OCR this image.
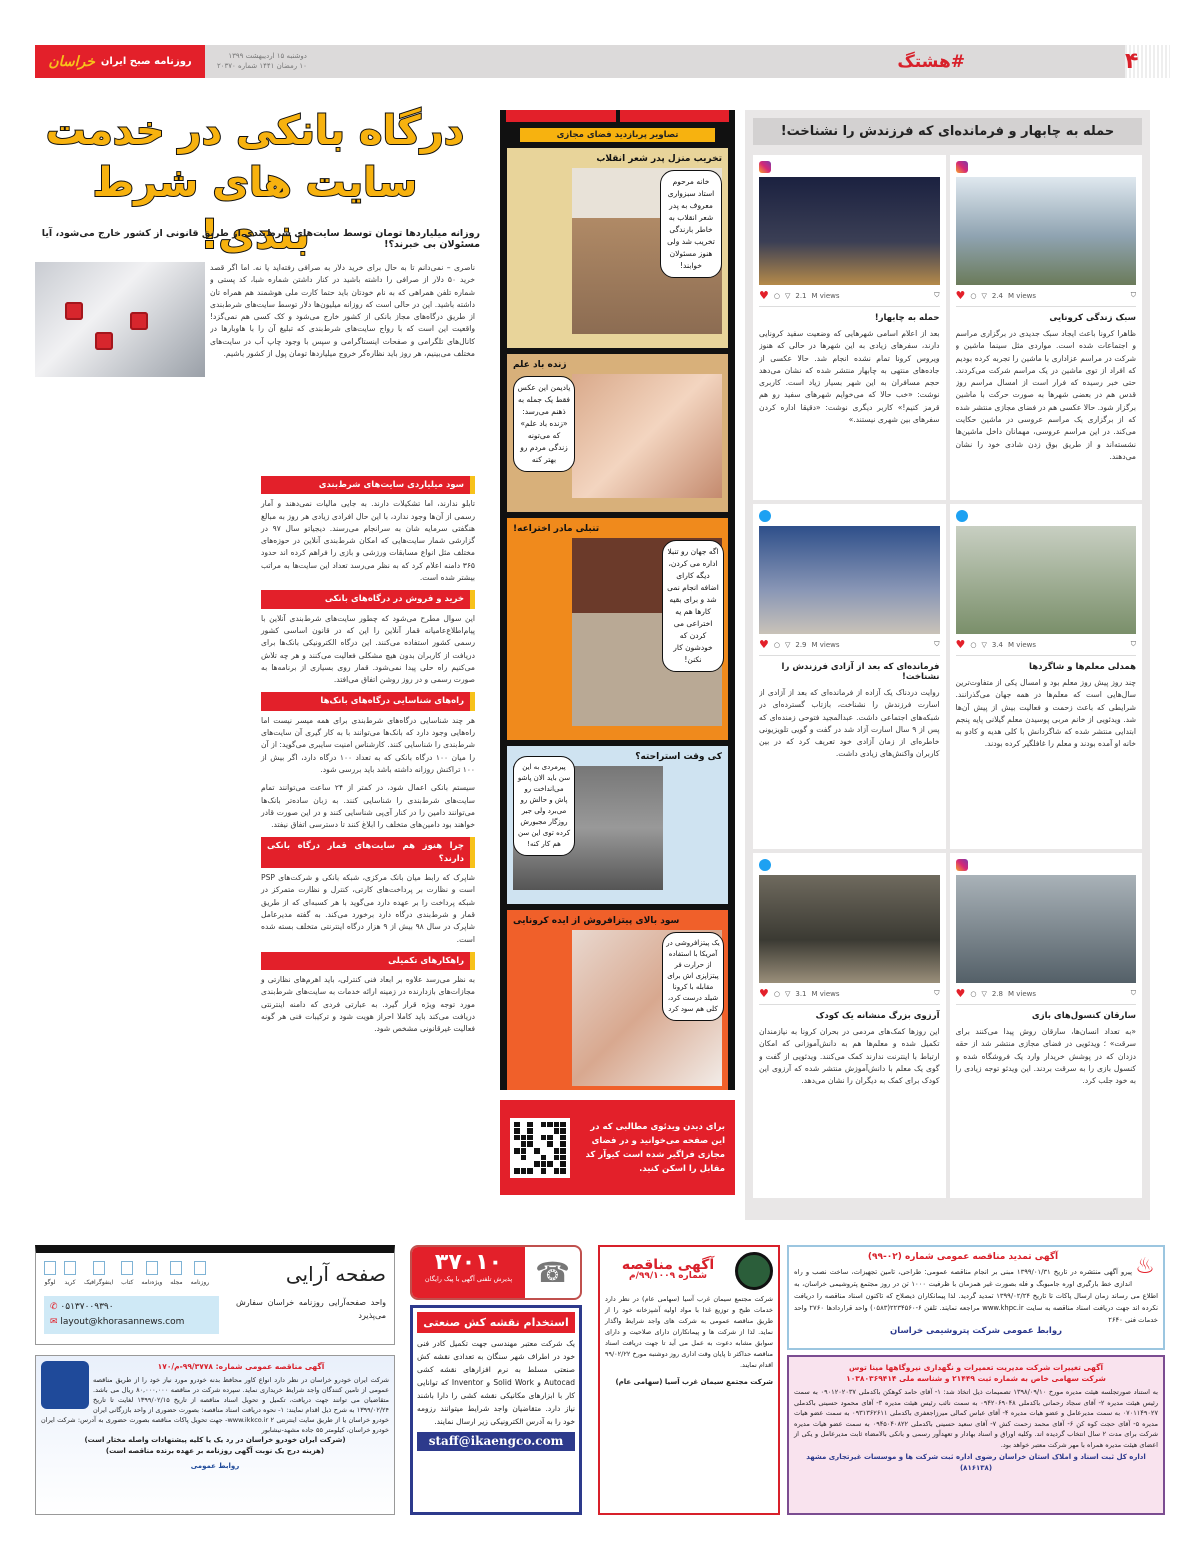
روزنامه صبح ایران
خراسان	#هشتگ
دوشنبه ۱۵ اردیبهشت ۱۳۹۹
۱۰ رمضان ۱۴۴۱ شماره ۲۰۳۷۰	۴
درگاه بانکی در خدمت
سایت های شرط بندی!
روزانه میلیاردها تومان توسط سایت‌های شرط‌بندی از طریق قانونی از کشور خارج می‌شود، آیا مسئولان بی خبرند؟!
ناصری – نمی‌دانم تا به حال برای خرید دلار به صرافی رفته‌اید یا نه. اما اگر قصد خرید ۵۰ دلار از صرافی را داشته باشید در کنار داشتن شماره شبا، کد پستی و شماره تلفن همراهی که به نام خودتان باید حتما کارت ملی هوشمند هم همراه تان داشته باشید. این در حالی است که روزانه میلیون‌ها دلار توسط سایت‌های شرط‌بندی از طریق درگاه‌های مجاز بانکی از کشور خارج می‌شود و کک کسی هم نمی‌گزد! واقعیت این است که با رواج سایت‌های شرط‌بندی که تبلیغ آن را با هاوبارها در کانال‌های تلگرامی و صفحات اینستاگرامی و سپس با وجود چاپ آب در سایت‌های مختلف می‌بینیم، هر روز باید نظاره‌گر خروج میلیاردها تومان پول از کشور باشیم.
سود میلیاردی سایت‌های شرط‌بندی

تابلو ندارند، اما تشکیلات دارند. به جایی مالیات نمی‌دهند و آمار رسمی از آن‌ها وجود ندارد، با این حال افرادی زیادی هر روز به مبالغ هنگفتی سرمایه شان به سرانجام می‌رسند. دیجیاتو سال ۹۷ در گزارشی شمار سایت‌هایی که امکان شرط‌بندی آنلاین در حوزه‌های مختلف مثل انواع مسابقات ورزشی و بازی را فراهم کرده اند حدود ۳۶۵ دامنه اعلام کرد که به نظر می‌رسد تعداد این سایت‌ها به مراتب بیشتر شده است.

خرید و فروش در درگاه‌های بانکی

این سوال مطرح می‌شود که چطور سایت‌های شرط‌بندی آنلاین با پیام‌اطلاع‌عامیانه قمار آنلاین را این که در قانون اساسی کشور رسمی کشور استفاده می‌کنند. این درگاه الکترونیکی بانک‌ها برای دریافت از کاربران بدون هیچ مشکلی فعالیت می‌کنند و هر چه تلاش می‌کنیم راه حلی پیدا نمی‌شود. قمار روی بسیاری از برنامه‌ها به صورت رسمی و در روز روشن اتفاق می‌افتد.

راه‌های شناسایی درگاه‌های بانک‌ها

هر چند شناسایی درگاه‌های شرط‌بندی برای همه میسر نیست اما راه‌هایی وجود دارد که بانک‌ها می‌توانند با به کار گیری آن سایت‌های شرط‌بندی را شناسایی کنند. کارشناس امنیت سایبری می‌گوید: از آن را میان ۱۰۰ درگاه بانکی که به تعداد ۱۰۰ درگاه دارد، اگر بیش از ۱۰۰ تراکنش روزانه داشته باشد باید بررسی شود.

سیستم بانکی اعمال شود، در کمتر از ۲۴ ساعت می‌توانند تمام سایت‌های شرط‌بندی را شناسایی کنند. به زبان ساده‌تر بانک‌ها می‌توانند دامین را در کنار آی‌پی شناسایی کنند و در این صورت قادر خواهند بود دامین‌های متخلف را ابلاغ کنند تا دسترسی اتفاق نیفتد.

چرا هنوز هم سایت‌های قمار درگاه بانکی دارند؟

شاپرک که رابط میان بانک مرکزی، شبکه بانکی و شرکت‌های PSP است و نظارت بر پرداخت‌های کارتی، کنترل و نظارت متمرکز در شبکه پرداخت را بر عهده دارد می‌گوید با هر کسبه‌ای که از طریق قمار و شرط‌بندی درگاه دارد برخورد می‌کند. به گفته مدیرعامل شاپرک در سال ۹۸ بیش از ۹ هزار درگاه اینترنتی متخلف بسته شده است.

راهکارهای تکمیلی

به نظر می‌رسد علاوه بر ابعاد فنی کنترلی، باید اهرم‌های نظارتی و مجازات‌های بازدارنده در زمینه ارائه خدمات به سایت‌های شرط‌بندی مورد توجه ویژه قرار گیرد. به عبارتی فردی که دامنه اینترنتی دریافت می‌کند باید کاملا احراز هویت شود و ترکیبات فنی هر گونه فعالیت غیرقانونی مشخص شود.

تصاویر پربازدید فضای مجازی
تخریب منزل پدر شعر انقلاب
خانه مرحوم استاد سبزواری معروف به پدر شعر انقلاب به خاطر بارندگی تخریب شد ولی هنوز مسئولان خوابند!
زنده باد علم
یادیمن این عکس فقط یک جمله به ذهنم می‌رسد: «زنده باد علم» که می‌تونه زندگی مردم رو بهتر کنه
تنبلی مادر اختراعه!
اگه جهان رو تنبلا اداره می کردن، دیگه کارای اضافه انجام نمی شد و برای بقیه کارها هم یه اختراعی می کردن که خودشون کار نکنن!
کی وقت استراحته؟
پیرمردی به این سن باید الان پاشو می‌انداخت رو پاش و حالش رو می‌برد ولی جبر روزگار مجبورش کرده توی این سن هم کار کنه!
سود بالای پیتزافروش از ایده کرونایی
یک پیتزافروشی در آمریکا با استفاده از حرارت فر پیتزاپزی اش برای مقابله با کرونا شیلد درست کرد، کلی هم سود کرد
برای دیدن ویدئوی مطالبی که در این صفحه می‌خوانید و در فضای مجازی فراگیر شده است کیوآر کد مقابل را اسکن کنید.
حمله به چابهار و فرمانده‌ای که فرزندش را نشناخت!
♥ ○ ▽ 2.4 M views	⛉
سبک زندگی کرونایی
ظاهرا کرونا باعث ایجاد سبک جدیدی در برگزاری مراسم و اجتماعات شده است. مواردی مثل سینما ماشین و شرکت در مراسم عزاداری با ماشین را تجربه کرده بودیم که افراد از توی ماشین در یک مراسم شرکت می‌کردند. حتی خبر رسیده که فرار است از امسال مراسم روز قدس هم در بعضی شهرها به صورت حرکت با ماشین برگزار شود. حالا عکسی هم در فضای مجازی منتشر شده که از برگزاری یک مراسم عروسی در ماشین حکایت می‌کند. در این مراسم عروسی، مهمانان داخل ماشین‌ها نشسته‌اند و از طریق بوق زدن شادی خود را نشان می‌دهند.
♥ ○ ▽ 2.1 M views	⛉
حمله به چابهار!
بعد از اعلام اسامی شهرهایی که وضعیت سفید کرونایی دارند، سفرهای زیادی به این شهرها در حالی که هنوز ویروس کرونا تمام نشده انجام شد. حالا عکسی از جاده‌های منتهی به چابهار منتشر شده که نشان می‌دهد حجم مسافران به این شهر بسیار زیاد است. کاربری نوشت: «خب حالا که می‌خوایم شهرهای سفید رو هم قرمز کنیم!» کاربر دیگری نوشت: «دقیقا اداره کردن سفرهای بین شهری نیستند.»
♥ ○ ▽ 3.4 M views	⛉
همدلی معلم‌ها و شاگردها
چند روز پیش روز معلم بود و امسال یکی از متفاوت‌ترین سال‌هایی است که معلم‌ها در همه جهان می‌گذرانند. شرایطی که باعث زحمت و فعالیت بیش از پیش آن‌ها شد. ویدئویی از خانم مربی پوسیدن معلم گیلانی پایه پنجم ابتدایی منتشر شده که شاگردانش با کلی هدیه و کادو به خانه او آمده بودند و معلم را غافلگیر کرده بودند.
♥ ○ ▽ 2.9 M views	⛉
فرمانده‌ای که بعد از آزادی فرزندش را نشناخت!
روایت دردناک یک آزاده از فرمانده‌ای که بعد از آزادی از اسارت فرزندش را نشناخت، بازتاب گسترده‌ای در شبکه‌های اجتماعی داشت. عبدالمجید فتوحی زمنده‌ای که پس از ۹ سال اسارت آزاد شد در گفت و گویی تلویزیونی خاطره‌ای از زمان آزادی خود تعریف کرد که در بین کاربران واکنش‌های زیادی داشت.
♥ ○ ▽ 2.8 M views	⛉
سارقان کنسول‌های بازی
«به تعداد انسان‌ها، سارقان روش پیدا می‌کنند برای سرقت» ؛ ویدئویی در فضای مجازی منتشر شد از حقه دزدان که در پوشش خریدار وارد یک فروشگاه شده و کنسول بازی را به سرقت بردند. این ویدئو توجه زیادی را به خود جلب کرد.
♥ ○ ▽ 3.1 M views	⛉
آرزوی بزرگ منشانه یک کودک
این روزها کمک‌های مردمی در بحران کرونا به نیازمندان تکمیل شده و معلم‌ها هم به دانش‌آموزانی که امکان ارتباط با اینترنت ندارند کمک می‌کنند. ویدئویی از گفت و گوی یک معلم با دانش‌آموزش منتشر شده که آرزوی این کودک برای کمک به دیگران را نشان می‌دهد.
صفحه آرایی
روزنامه
مجله
ویژه‌نامه
کتاب
اینفوگرافیک
کرید
لوگو
واحد صفحه‌آرایی روزنامه خراسان سفارش می‌پذیرد
✆ ۰۵۱۳۷۰۰۹۳۹۰
✉ layout@khorasannews.com
آگهی مناقصه عمومی شماره: ۹۹/۳۷۷۸-م/۱۷۰
شرکت ایران خودرو خراسان در نظر دارد انواع کاور محافظ بدنه خودرو مورد نیاز خود را از طریق مناقصه عمومی از تامین کنندگان واجد شرایط خریداری نماید. سپرده شرکت در مناقصه ۸۰,۰۰۰,۰۰۰ ریال می باشد. متقاضیان می توانند جهت دریافت، تکمیل و تحویل اسناد مناقصه از تاریخ ۱۳۹۹/۰۲/۱۵ لغایت تا تاریخ ۱۳۹۹/۰۲/۲۴ به شرح ذیل اقدام نمایند: ۱- نحوه دریافت اسناد مناقصه: بصورت حضوری از واحد بازرگانی ایران خودرو خراسان یا از طریق سایت اینترنتی www.ikkco.ir ۲- جهت تحویل پاکات مناقصه بصورت حضوری به آدرس: شرکت ایران خودرو خراسان، کیلومتر ۵۵ جاده مشهد-نیشابور
(شرکت ایران خودرو خراسان در رد یک یا کلیه پیشنهادات واصله مختار است)
(هزینه درج یک نوبت آگهی روزنامه بر عهده برنده مناقصه است)
روابط عمومی
☎
۳۷۰۱۰
پذیرش تلفنی آگهی با پیک رایگان
استخدام نقشه کش صنعتی
یک شرکت معتبر مهندسی جهت تکمیل کادر فنی خود در اطراف شهر سنگان به تعدادی نقشه کش صنعتی مسلط به نرم افزارهای نقشه کشی Autocad و Solid Work و Inventor که توانایی کار با ابزارهای مکانیکی نقشه کشی را دارا باشند نیاز دارد. متقاضیان واجد شرایط میتوانند رزومه خود را به آدرس الکترونیکی زیر ارسال نمایند.
staff@ikaengco.com
آگهی مناقصه
شماره ۹۹/۱۰۰۹/م
شرکت مجتمع سیمان غرب آسیا (سهامی عام) در نظر دارد خدمات طبخ و توزیع غذا با مواد اولیه آشپزخانه خود را از طریق مناقصه عمومی به شرکت های واجد شرایط واگذار نماید. لذا از شرکت ها و پیمانکاران دارای صلاحیت و دارای سوابق مشابه دعوت به عمل می آید تا جهت دریافت اسناد مناقصه حداکثر تا پایان وقت اداری روز دوشنبه مورخ ۹۹/۰۲/۲۲ اقدام نمایند.
شرکت مجتمع سیمان غرب آسیا (سهامی عام)
♨
آگهی تمدید مناقصه عمومی شماره (۰۲-۹۹)
پیرو آگهی منتشره در تاریخ ۱۳۹۹/۰۱/۳۱ مبنی بر انجام مناقصه عمومی: طراحی، تامین تجهیزات، ساخت نصب و راه اندازی خط بارگیری اوره جامبوبگ و فله بصورت غیر همزمان با ظرفیت ۱۰۰۰ تن در روز مجتمع پتروشیمی خراسان، به اطلاع می رساند زمان ارسال پاکات تا تاریخ ۱۳۹۹/۰۲/۲۴ تمدید گردید. لذا پیمانکاران ذیصلاح که تاکنون اسناد مناقصه را دریافت نکرده اند جهت دریافت اسناد مناقصه به سایت www.khpc.ir مراجعه نمایند. تلفن ۶-۲۲۳۴۵۶۰(۰۵۸۳) واحد قراردادها ۲۷۶۰ واحد خدمات فنی ۲۶۴۰
روابط عمومی شرکت پتروشیمی خراسان
آگهی تغییرات شرکت مدیریت تعمیرات و نگهداری نیروگاهها مینا توس
شرکت سهامی خاص به شماره ثبت ۲۱۴۴۹ و شناسه ملی ۱۰۳۸۰۳۶۹۴۱۴
به استناد صورتجلسه هیئت مدیره مورخ ۱۳۹۸/۰۹/۱۰ تصمیمات ذیل اتخاذ شد: ۱- آقای حامد کوهکن باکدملی ۰۹۰۱۲۰۲۰۳۷ به سمت رئیس هیئت مدیره ۲- آقای سجاد رحمانی باکدملی ۰۹۴۲۰۶۹۰۴۸ به سمت نائب رئیس هیئت مدیره ۳- آقای محمود حسینی باکدملی ۰۷۰۱۱۴۹۰۲۷ به سمت مدیرعامل و عضو هیات مدیره ۴- آقای عباس کمالی میرزاجعفری باکدملی ۰۹۳۱۳۶۲۶۱۱ به سمت عضو هیات مدیره ۵- آقای حجت کوه کن ۶- آقای محمد زحمت کش ۷- آقای سعید حسینی باکدملی ۰۹۴۵۰۴۰۸۲۲ به سمت عضو هیات مدیره شرکت برای مدت ۲ سال انتخاب گردیده اند. وکلیه اوراق و اسناد بهادار و تعهدآور رسمی و بانکی بالامضاء ثابت مدیرعامل و یکی از اعضای هیئت مدیره همراه با مهر شرکت معتبر خواهد بود.
اداره کل ثبت اسناد و املاک استان خراسان رضوی اداره ثبت شرکت ها و موسسات غیرتجاری مشهد (۸۱۶۱۳۸)
